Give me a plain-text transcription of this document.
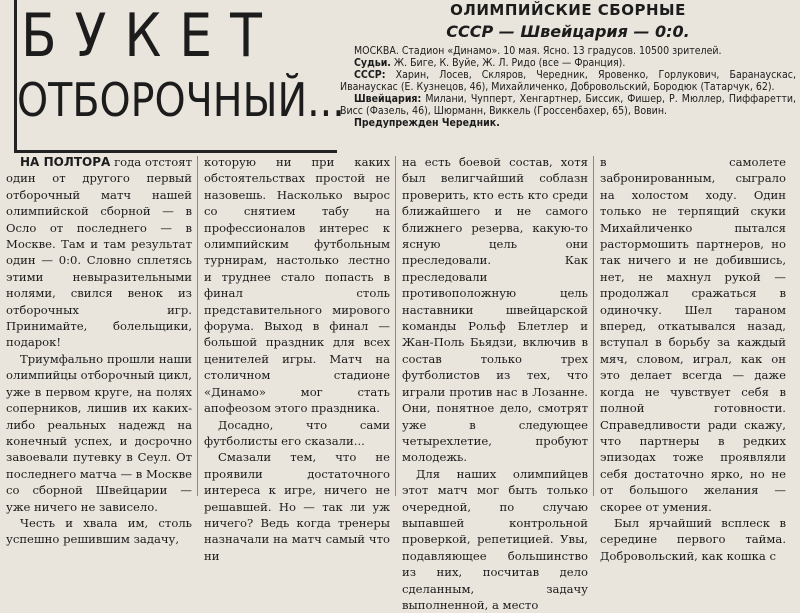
БУКЕТ
ОТБОРОЧНЫЙ...
ОЛИМПИЙСКИЕ СБОРНЫЕ
СССР — Швейцария — 0:0.

МОСКВА. Стадион «Динамо». 10 мая. Ясно. 13 градусов. 10500 зрителей.

Судьи. Ж. Биге, К. Вуйе, Ж. Л. Ридо (все — Франция).

СССР: Харин, Лосев, Скляров, Чередник, Яровенко, Горлукович, Баранаускас, Иванаускас (Е. Кузнецов, 46), Михайличенко, Добровольский, Бородюк (Татарчук, 62).

Швейцария: Милани, Чупперт, Хенгартнер, Биссик, Фишер, Р. Мюллер, Пиффаретти, Висс (Фазель, 46), Шюрманн, Виккель (Гроссенбахер, 65), Вовин.

Предупрежден Чередник.

НА ПОЛТОРА года отстоят один от другого первый отборочный матч нашей олимпийской сборной — в Осло от последнего — в Москве. Там и там результат один — 0:0. Словно сплетясь этими невыразительными нолями, свился венок из отборочных игр. Принимайте, болельщики, подарок!

Триумфально прошли наши олимпийцы отборочный цикл, уже в первом круге, на полях соперников, лишив их каких-либо реальных надежд на конечный успех, и досрочно завоевали путевку в Сеул. От последнего матча — в Москве со сборной Швейцарии — уже ничего не зависело.

Честь и хвала им, столь успешно решившим задачу,

которую ни при каких обстоятельствах простой не назовешь. Насколько вырос со снятием табу на профессионалов интерес к олимпийским футбольным турнирам, настолько лестно и труднее стало попасть в финал столь представительного мирового форума. Выход в финал — большой праздник для всех ценителей игры. Матч на столичном стадионе «Динамо» мог стать апофеозом этого праздника.

Досадно, что сами футболисты его сказали...

Смазали тем, что не проявили достаточного интереса к игре, ничего не решавшей. Но — так ли уж ничего? Ведь когда тренеры назначали на матч самый что ни

на есть боевой состав, хотя был велигчайший соблазн проверить, кто есть кто среди ближайшего и не самого ближнего резерва, какую-то ясную цель они преследовали. Как преследовали противоположную цель наставники швейцарской команды Рольф Блетлер и Жан-Поль Бьядзи, включив в состав только трех футболистов из тех, что играли против нас в Лозанне. Они, понятное дело, смотрят уже в следующее четырехлетие, пробуют молодежь.

Для наших олимпийцев этот матч мог быть только очередной, по случаю выпавшей контрольной проверкой, репетицией. Увы, подавляющее большинство из них, посчитав дело сделанным, задачу выполненной, а место

в самолете забронированным, сыграло на холостом ходу. Один только не терпящий скуки Михайличенко пытался растормошить партнеров, но так ничего и не добившись, нет, не махнул рукой — продолжал сражаться в одиночку. Шел тараном вперед, откатывался назад, вступал в борьбу за каждый мяч, словом, играл, как он это делает всегда — даже когда не чувствует себя в полной готовности. Справедливости ради скажу, что партнеры в редких эпизодах тоже проявляли себя достаточно ярко, но не от большого желания — скорее от умения.

Был ярчайший всплеск в середине первого тайма. Добровольский, как кошка с
